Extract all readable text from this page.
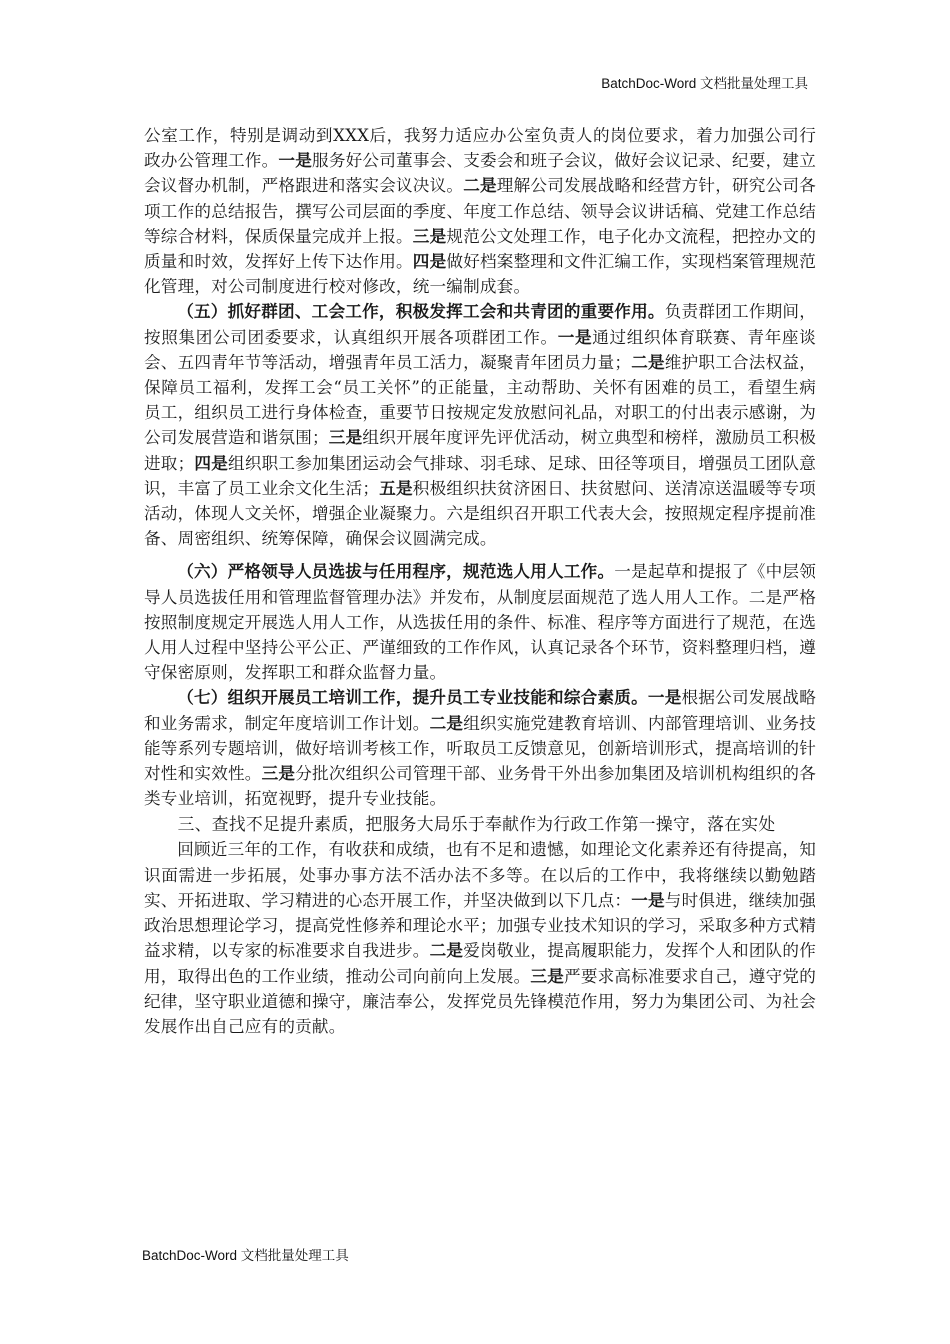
BatchDoc-Word 文档批量处理工具

公室工作，特别是调动到XXX后，我努力适应办公室负责人的岗位要求，着力加强公司行政办公管理工作。一是服务好公司董事会、支委会和班子会议，做好会议记录、纪要，建立会议督办机制，严格跟进和落实会议决议。二是理解公司发展战略和经营方针，研究公司各项工作的总结报告，撰写公司层面的季度、年度工作总结、领导会议讲话稿、党建工作总结等综合材料，保质保量完成并上报。三是规范公文处理工作，电子化办文流程，把控办文的质量和时效，发挥好上传下达作用。四是做好档案整理和文件汇编工作，实现档案管理规范化管理，对公司制度进行校对修改，统一编制成套。

（五）抓好群团、工会工作，积极发挥工会和共青团的重要作用。负责群团工作期间，按照集团公司团委要求，认真组织开展各项群团工作。一是通过组织体育联赛、青年座谈会、五四青年节等活动，增强青年员工活力，凝聚青年团员力量；二是维护职工合法权益，保障员工福利，发挥工会“员工关怀”的正能量，主动帮助、关怀有困难的员工，看望生病员工，组织员工进行身体检查，重要节日按规定发放慰问礼品，对职工的付出表示感谢，为公司发展营造和谐氛围；三是组织开展年度评先评优活动，树立典型和榜样，激励员工积极进取；四是组织职工参加集团运动会气排球、羽毛球、足球、田径等项目，增强员工团队意识，丰富了员工业余文化生活；五是积极组织扶贫济困日、扶贫慰问、送清凉送温暖等专项活动，体现人文关怀，增强企业凝聚力。六是组织召开职工代表大会，按照规定程序提前准备、周密组织、统筹保障，确保会议圆满完成。

（六）严格领导人员选拔与任用程序，规范选人用人工作。一是起草和提报了《中层领导人员选拔任用和管理监督管理办法》并发布，从制度层面规范了选人用人工作。二是严格按照制度规定开展选人用人工作，从选拔任用的条件、标准、程序等方面进行了规范，在选人用人过程中坚持公平公正、严谨细致的工作作风，认真记录各个环节，资料整理归档，遵守保密原则，发挥职工和群众监督力量。

（七）组织开展员工培训工作，提升员工专业技能和综合素质。一是根据公司发展战略和业务需求，制定年度培训工作计划。二是组织实施党建教育培训、内部管理培训、业务技能等系列专题培训，做好培训考核工作，听取员工反馈意见，创新培训形式，提高培训的针对性和实效性。三是分批次组织公司管理干部、业务骨干外出参加集团及培训机构组织的各类专业培训，拓宽视野，提升专业技能。

三、查找不足提升素质，把服务大局乐于奉献作为行政工作第一操守，落在实处

回顾近三年的工作，有收获和成绩，也有不足和遗憾，如理论文化素养还有待提高，知识面需进一步拓展，处事办事方法不活办法不多等。在以后的工作中，我将继续以勤勉踏实、开拓进取、学习精进的心态开展工作，并坚决做到以下几点：一是与时俱进，继续加强政治思想理论学习，提高党性修养和理论水平；加强专业技术知识的学习，采取多种方式精益求精，以专家的标准要求自我进步。二是爱岗敬业，提高履职能力，发挥个人和团队的作用，取得出色的工作业绩，推动公司向前向上发展。三是严要求高标准要求自己，遵守党的纪律，坚守职业道德和操守，廉洁奉公，发挥党员先锋模范作用，努力为集团公司、为社会发展作出自己应有的贡献。

BatchDoc-Word 文档批量处理工具
